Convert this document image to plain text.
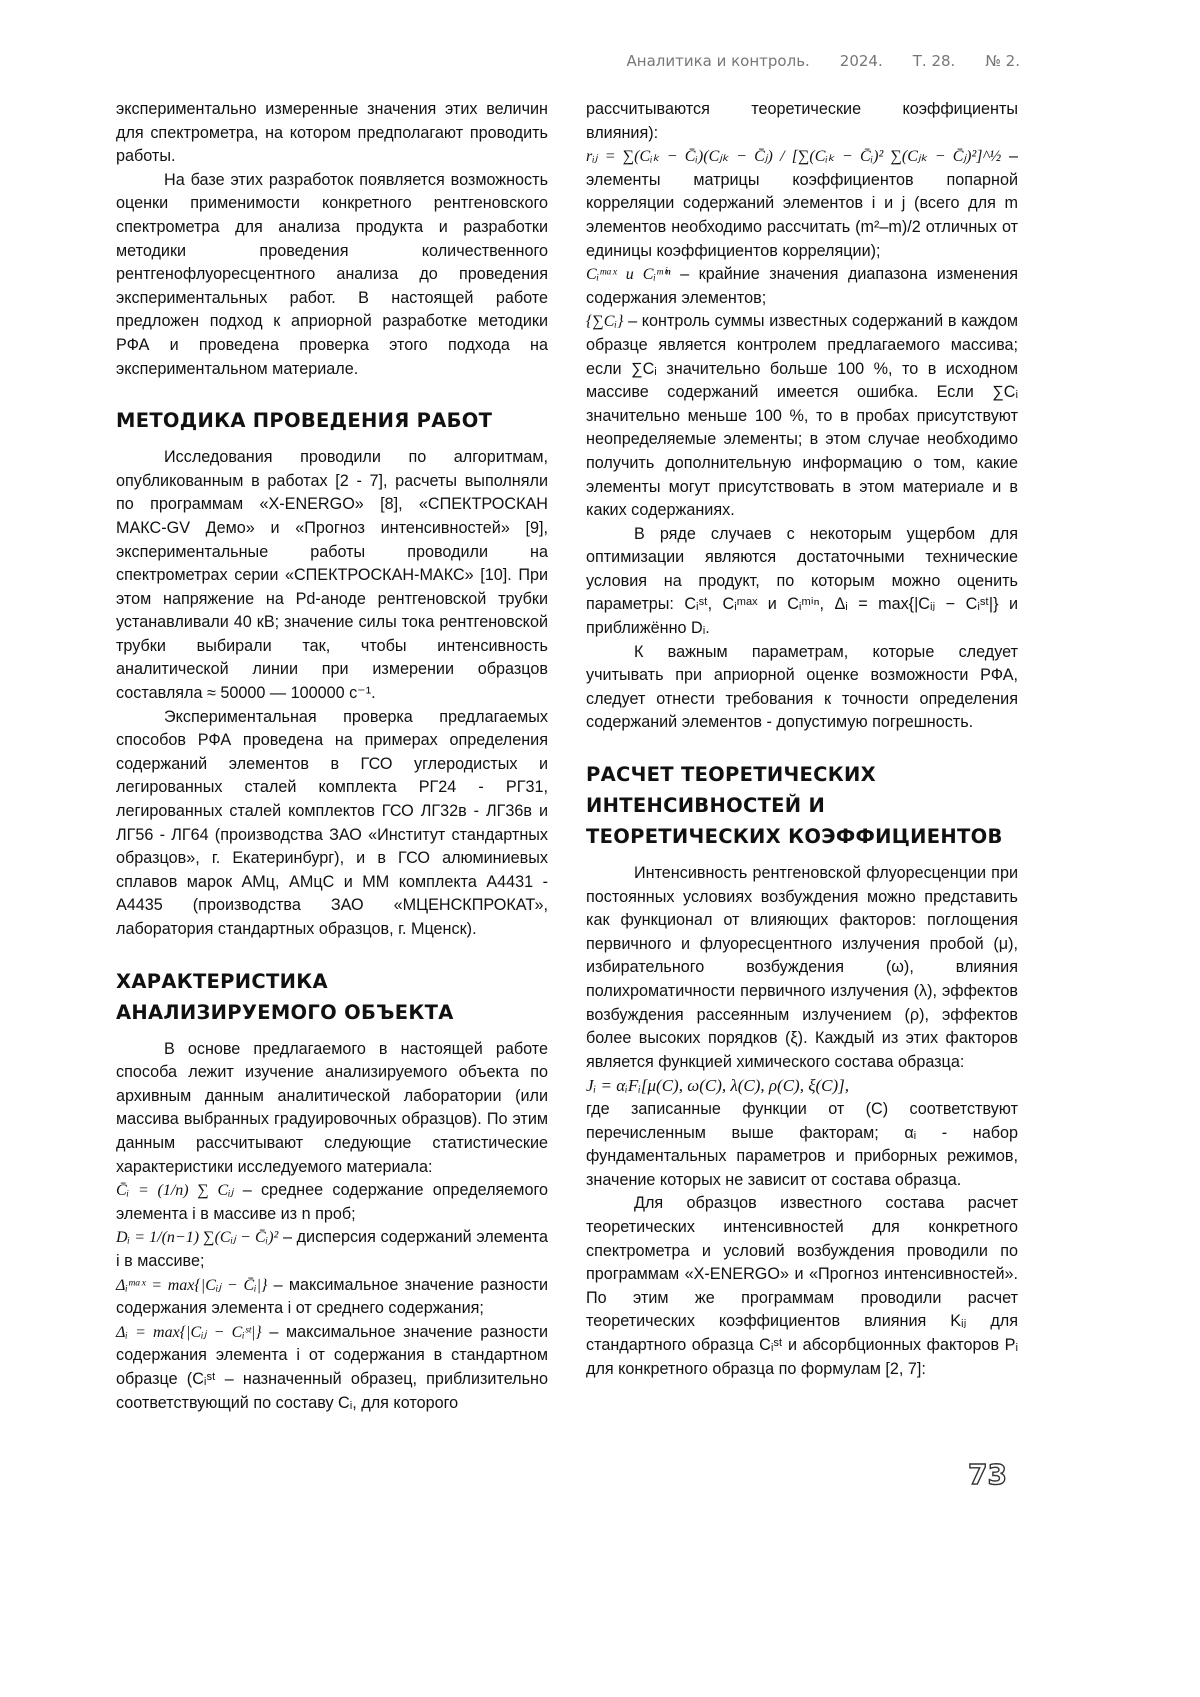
Аналитика и контроль. 2024. Т. 28. № 2.

экспериментально измеренные значения этих величин для спектрометра, на котором предполагают проводить работы.

На базе этих разработок появляется возможность оценки применимости конкретного рентгеновского спектрометра для анализа продукта и разработки методики проведения количественного рентгенофлуоресцентного анализа до проведения экспериментальных работ. В настоящей работе предложен подход к априорной разработке методики РФА и проведена проверка этого подхода на экспериментальном материале.

МЕТОДИКА ПРОВЕДЕНИЯ РАБОТ

Исследования проводили по алгоритмам, опубликованным в работах [2 - 7], расчеты выполняли по программам «X-ENERGO» [8], «СПЕКТРОСКАН МАКС-GV Демо» и «Прогноз интенсивностей» [9], экспериментальные работы проводили на спектрометрах серии «СПЕКТРОСКАН-МАКС» [10]. При этом напряжение на Pd-аноде рентгеновской трубки устанавливали 40 кВ; значение силы тока рентгеновской трубки выбирали так, чтобы интенсивность аналитической линии при измерении образцов составляла ≈ 50000 — 100000 с⁻¹.

Экспериментальная проверка предлагаемых способов РФА проведена на примерах определения содержаний элементов в ГСО углеродистых и легированных сталей комплекта РГ24 - РГ31, легированных сталей комплектов ГСО ЛГ32в - ЛГ36в и ЛГ56 - ЛГ64 (производства ЗАО «Институт стандартных образцов», г. Екатеринбург), и в ГСО алюминиевых сплавов марок АМц, АМцС и ММ комплекта А4431 - А4435 (производства ЗАО «МЦЕНСКПРОКАТ», лаборатория стандартных образцов, г. Мценск).

ХАРАКТЕРИСТИКА АНАЛИЗИРУЕМОГО ОБЪЕКТА

В основе предлагаемого в настоящей работе способа лежит изучение анализируемого объекта по архивным данным аналитической лаборатории (или массива выбранных градуировочных образцов). По этим данным рассчитывают следующие статистические характеристики исследуемого материала:

C̄ᵢ = (1/n) ∑ Cᵢⱼ – среднее содержание определяемого элемента i в массиве из n проб;

Dᵢ = 1/(n−1) ∑(Cᵢⱼ − C̄ᵢ)² – дисперсия содержаний элемента i в массиве;

Δᵢᵐᵃˣ = max{|Cᵢⱼ − C̄ᵢ|} – максимальное значение разности содержания элемента i от среднего содержания;

Δᵢ = max{|Cᵢⱼ − Cᵢˢᵗ|} – максимальное значение разности содержания элемента i от содержания в стандартном образце (Cᵢˢᵗ – назначенный образец, приблизительно соответствующий по составу Cᵢ, для которого

рассчитываются теоретические коэффициенты влияния):

rᵢⱼ = ∑(Cᵢₖ − C̄ᵢ)(Cⱼₖ − C̄ⱼ) / [∑(Cᵢₖ − C̄ᵢ)² ∑(Cⱼₖ − C̄ⱼ)²]^½ – элементы матрицы коэффициентов попарной корреляции содержаний элементов i и j (всего для m элементов необходимо рассчитать (m²–m)/2 отличных от единицы коэффициентов корреляции);

Cᵢᵐᵃˣ и Cᵢᵐⁱⁿ – крайние значения диапазона изменения содержания элементов;

{∑Cᵢ} – контроль суммы известных содержаний в каждом образце является контролем предлагаемого массива; если ∑Cᵢ значительно больше 100 %, то в исходном массиве содержаний имеется ошибка. Если ∑Cᵢ значительно меньше 100 %, то в пробах присутствуют неопределяемые элементы; в этом случае необходимо получить дополнительную информацию о том, какие элементы могут присутствовать в этом материале и в каких содержаниях.

В ряде случаев с некоторым ущербом для оптимизации являются достаточными технические условия на продукт, по которым можно оценить параметры: Cᵢˢᵗ, Cᵢᵐᵃˣ и Cᵢᵐⁱⁿ, Δᵢ = max{|Cᵢⱼ − Cᵢˢᵗ|} и приближённо Dᵢ.

К важным параметрам, которые следует учитывать при априорной оценке возможности РФА, следует отнести требования к точности определения содержаний элементов - допустимую погрешность.

РАСЧЕТ ТЕОРЕТИЧЕСКИХ ИНТЕНСИВНОСТЕЙ И ТЕОРЕТИЧЕСКИХ КОЭФФИЦИЕНТОВ

Интенсивность рентгеновской флуоресценции при постоянных условиях возбуждения можно представить как функционал от влияющих факторов: поглощения первичного и флуоресцентного излучения пробой (μ), избирательного возбуждения (ω), влияния полихроматичности первичного излучения (λ), эффектов возбуждения рассеянным излучением (ρ), эффектов более высоких порядков (ξ). Каждый из этих факторов является функцией химического состава образца:

Jᵢ = αᵢFᵢ[μ(C), ω(C), λ(C), ρ(C), ξ(C)],

где записанные функции от (C) соответствуют перечисленным выше факторам; αᵢ - набор фундаментальных параметров и приборных режимов, значение которых не зависит от состава образца.

Для образцов известного состава расчет теоретических интенсивностей для конкретного спектрометра и условий возбуждения проводили по программам «X-ENERGO» и «Прогноз интенсивностей». По этим же программам проводили расчет теоретических коэффициентов влияния Kᵢⱼ для стандартного образца Cᵢˢᵗ и абсорбционных факторов Pᵢ для конкретного образца по формулам [2, 7]:

73
